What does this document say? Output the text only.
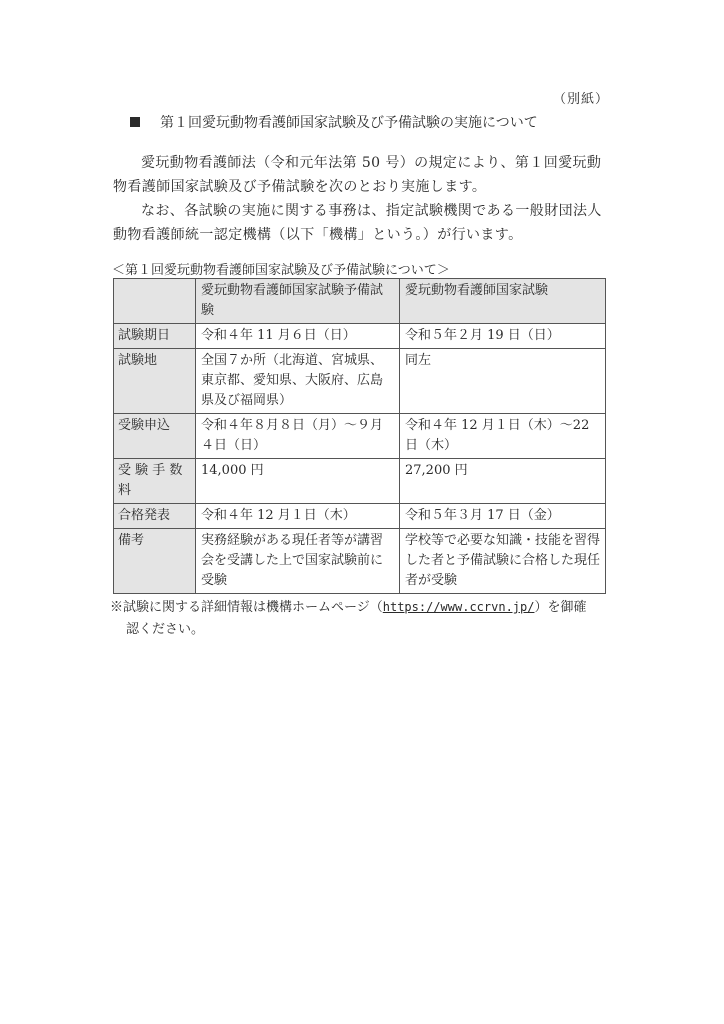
（別紙）
第１回愛玩動物看護師国家試験及び予備試験の実施について
愛玩動物看護師法（令和元年法第 50 号）の規定により、第１回愛玩動物看護師国家試験及び予備試験を次のとおり実施します。
なお、各試験の実施に関する事務は、指定試験機関である一般財団法人動物看護師統一認定機構（以下「機構」という。）が行います。
＜第１回愛玩動物看護師国家試験及び予備試験について＞
	愛玩動物看護師国家試験予備試験	愛玩動物看護師国家試験
試験期日	令和４年 11 月６日（日）	令和５年２月 19 日（日）
試験地	全国７か所（北海道、宮城県、東京都、愛知県、大阪府、広島県及び福岡県）	同左
受験申込	令和４年８月８日（月）～９月４日（日）	令和４年 12 月１日（木）～22 日（木）
受 験 手 数 料	14,000 円	27,200 円
合格発表	令和４年 12 月１日（木）	令和５年３月 17 日（金）
備考	実務経験がある現任者等が講習会を受講した上で国家試験前に受験	学校等で必要な知識・技能を習得した者と予備試験に合格した現任者が受験
※試験に関する詳細情報は機構ホームページ（https://www.ccrvn.jp/）を御確
認ください。
